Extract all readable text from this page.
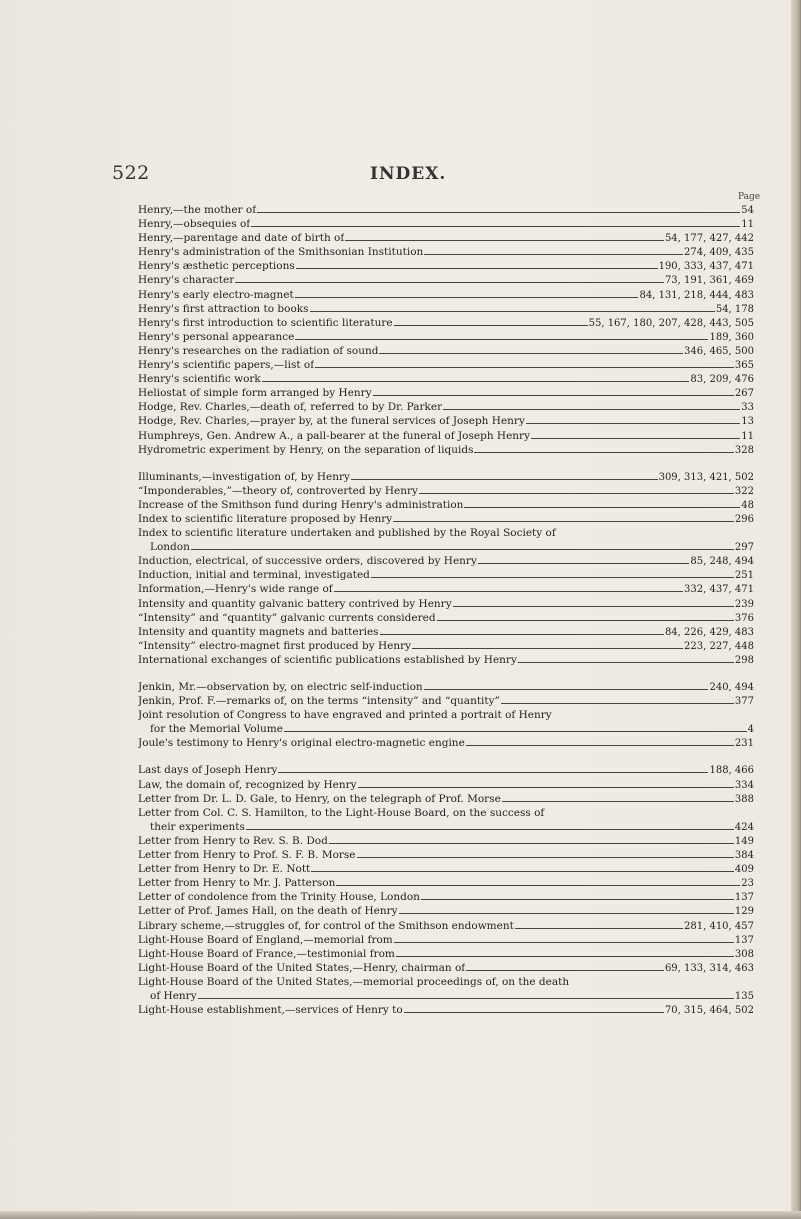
522	INDEX.
Page
Henry,—the mother of	54
Henry,—obsequies of	11
Henry,—parentage and date of birth of	54, 177, 427, 442
Henry's administration of the Smithsonian Institution	274, 409, 435
Henry's æsthetic perceptions	190, 333, 437, 471
Henry's character	73, 191, 361, 469
Henry's early electro-magnet	84, 131, 218, 444, 483
Henry's first attraction to books	54, 178
Henry's first introduction to scientific literature	55, 167, 180, 207, 428, 443, 505
Henry's personal appearance	189, 360
Henry's researches on the radiation of sound	346, 465, 500
Henry's scientific papers,—list of	365
Henry's scientific work	83, 209, 476
Heliostat of simple form arranged by Henry	267
Hodge, Rev. Charles,—death of, referred to by Dr. Parker	33
Hodge, Rev. Charles,—prayer by, at the funeral services of Joseph Henry	13
Humphreys, Gen. Andrew A., a pall-bearer at the funeral of Joseph Henry	11
Hydrometric experiment by Henry, on the separation of liquids	328
Illuminants,—investigation of, by Henry	309, 313, 421, 502
“Imponderables,”—theory of, controverted by Henry	322
Increase of the Smithson fund during Henry's administration	48
Index to scientific literature proposed by Henry	296
Index to scientific literature undertaken and published by the Royal Society of
London	297
Induction, electrical, of successive orders, discovered by Henry	85, 248, 494
Induction, initial and terminal, investigated	251
Information,—Henry's wide range of	332, 437, 471
Intensity and quantity galvanic battery contrived by Henry	239
“Intensity” and “quantity” galvanic currents considered	376
Intensity and quantity magnets and batteries	84, 226, 429, 483
“Intensity” electro-magnet first produced by Henry	223, 227, 448
International exchanges of scientific publications established by Henry	298
Jenkin, Mr.—observation by, on electric self-induction	240, 494
Jenkin, Prof. F.—remarks of, on the terms “intensity” and “quantity”	377
Joint resolution of Congress to have engraved and printed a portrait of Henry
for the Memorial Volume	4
Joule's testimony to Henry's original electro-magnetic engine	231
Last days of Joseph Henry	188, 466
Law, the domain of, recognized by Henry	334
Letter from Dr. L. D. Gale, to Henry, on the telegraph of Prof. Morse	388
Letter from Col. C. S. Hamilton, to the Light-House Board, on the success of
their experiments	424
Letter from Henry to Rev. S. B. Dod	149
Letter from Henry to Prof. S. F. B. Morse	384
Letter from Henry to Dr. E. Nott	409
Letter from Henry to Mr. J. Patterson	23
Letter of condolence from the Trinity House, London	137
Letter of Prof. James Hall, on the death of Henry	129
Library scheme,—struggles of, for control of the Smithson endowment	281, 410, 457
Light-House Board of England,—memorial from	137
Light-House Board of France,—testimonial from	308
Light-House Board of the United States,—Henry, chairman of	69, 133, 314, 463
Light-House Board of the United States,—memorial proceedings of, on the death
of Henry	135
Light-House establishment,—services of Henry to	70, 315, 464, 502
